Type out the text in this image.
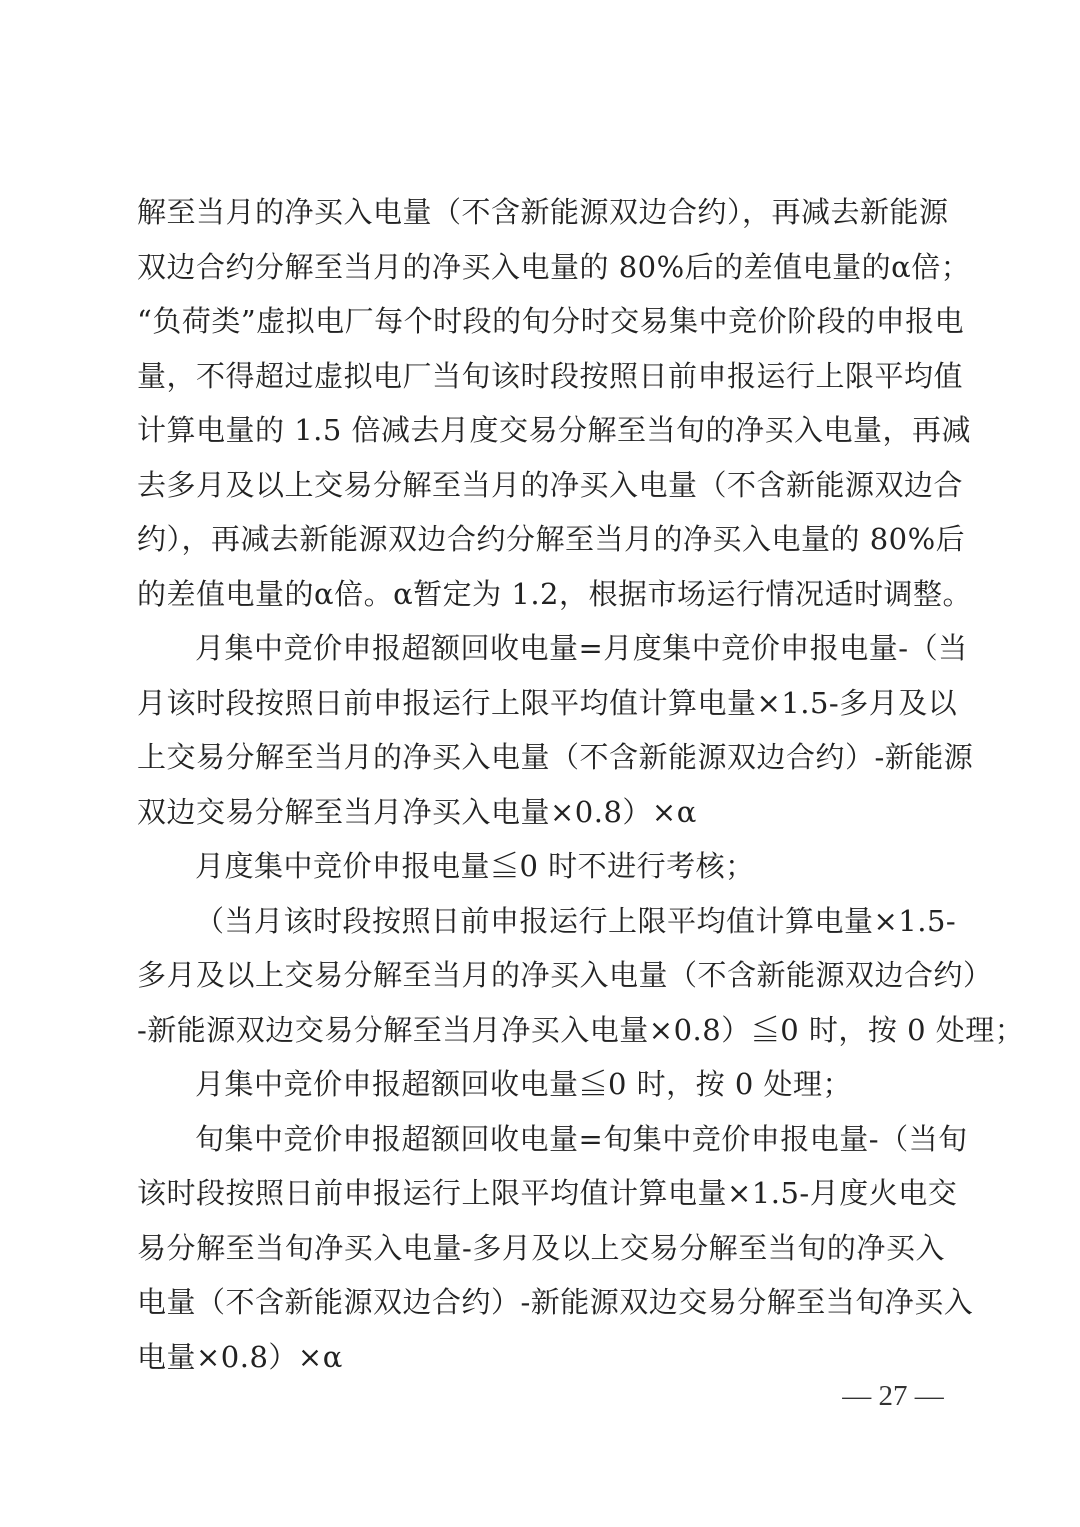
解至当月的净买入电量（不含新能源双边合约），再减去新能源
双边合约分解至当月的净买入电量的 80%后的差值电量的α倍；
“负荷类”虚拟电厂每个时段的旬分时交易集中竞价阶段的申报电
量，不得超过虚拟电厂当旬该时段按照日前申报运行上限平均值
计算电量的 1.5 倍减去月度交易分解至当旬的净买入电量，再减
去多月及以上交易分解至当月的净买入电量（不含新能源双边合
约），再减去新能源双边合约分解至当月的净买入电量的 80%后
的差值电量的α倍。α暂定为 1.2，根据市场运行情况适时调整。
月集中竞价申报超额回收电量=月度集中竞价申报电量-（当
月该时段按照日前申报运行上限平均值计算电量×1.5-多月及以
上交易分解至当月的净买入电量（不含新能源双边合约）-新能源
双边交易分解至当月净买入电量×0.8）×α
月度集中竞价申报电量≦0 时不进行考核；
（当月该时段按照日前申报运行上限平均值计算电量×1.5-
多月及以上交易分解至当月的净买入电量（不含新能源双边合约）
-新能源双边交易分解至当月净买入电量×0.8）≦0 时，按 0 处理；
月集中竞价申报超额回收电量≦0 时，按 0 处理；
旬集中竞价申报超额回收电量=旬集中竞价申报电量-（当旬
该时段按照日前申报运行上限平均值计算电量×1.5-月度火电交
易分解至当旬净买入电量-多月及以上交易分解至当旬的净买入
电量（不含新能源双边合约）-新能源双边交易分解至当旬净买入
电量×0.8）×α
— 27 —
